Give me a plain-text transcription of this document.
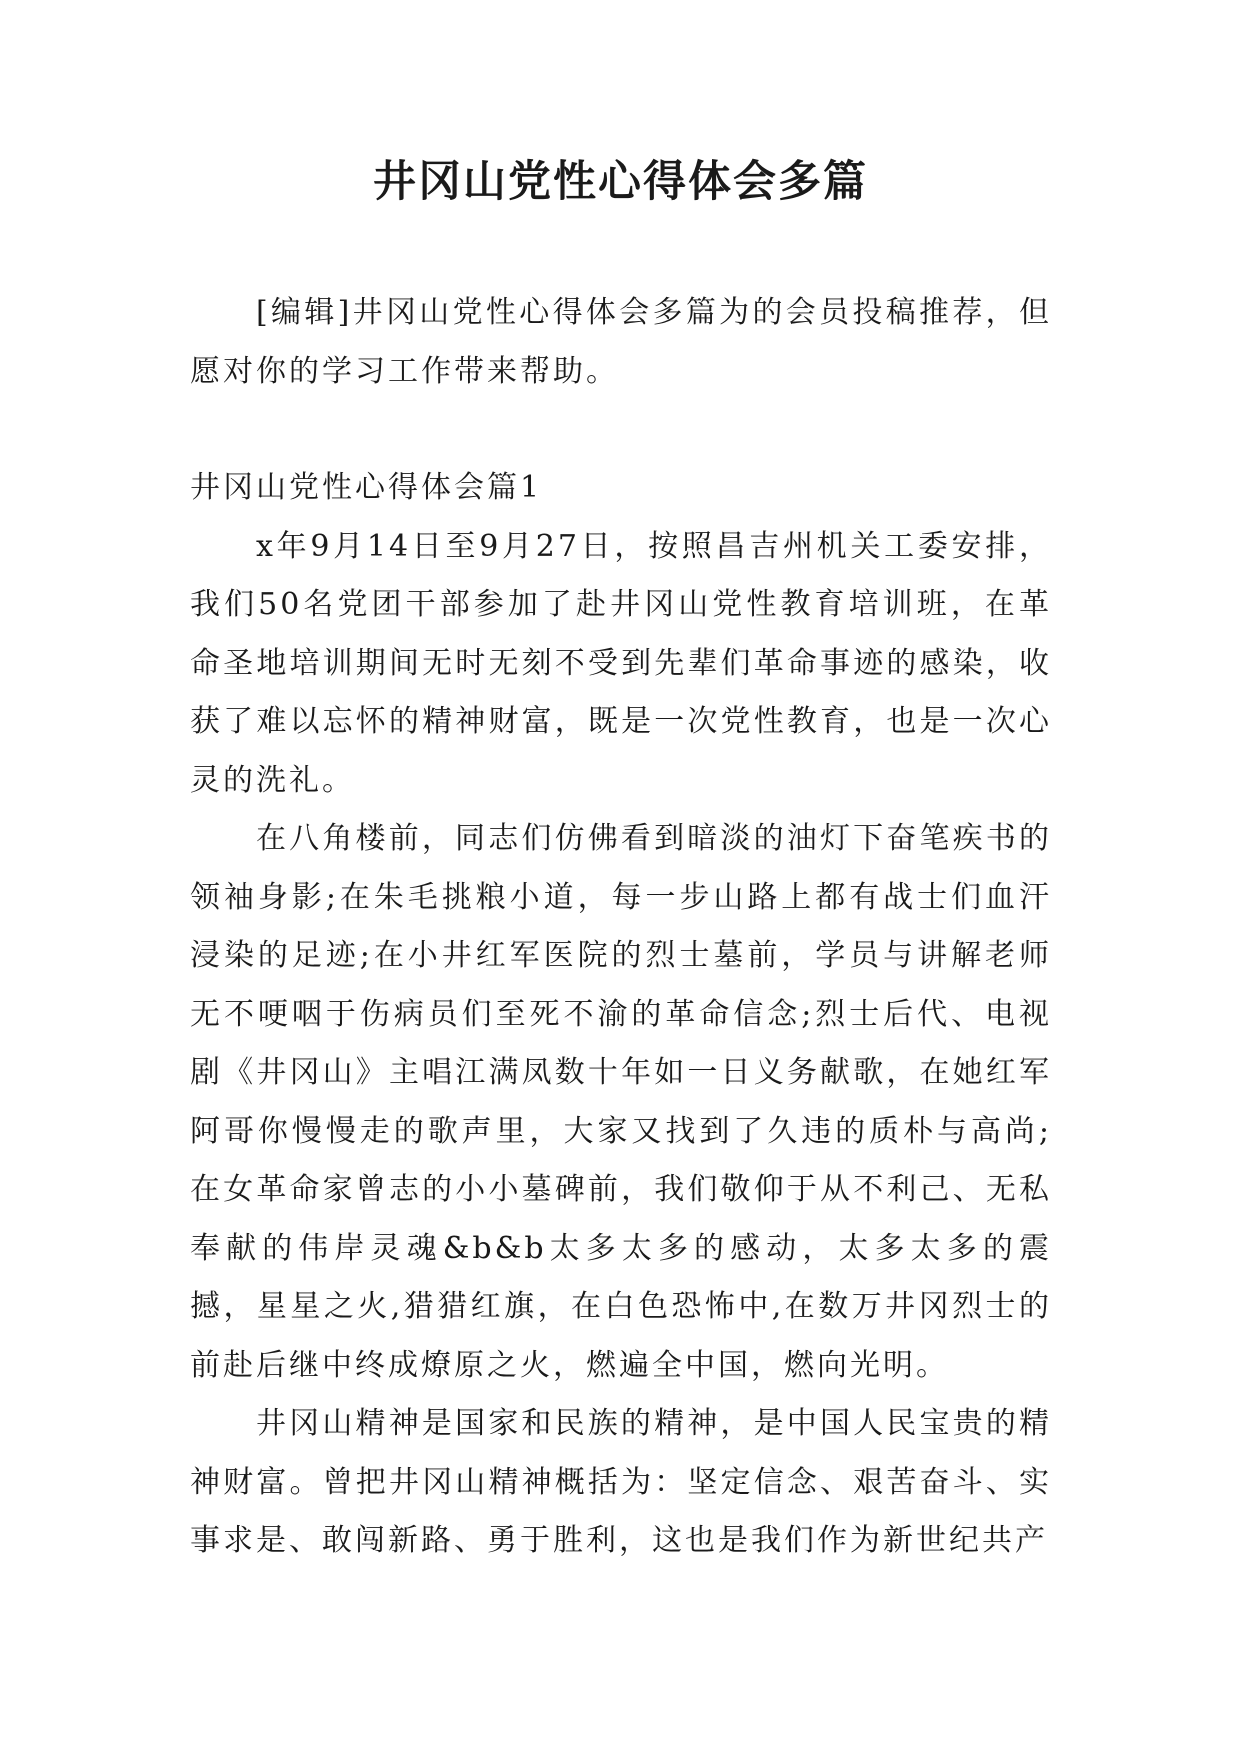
井冈山党性心得体会多篇

[编辑]井冈山党性心得体会多篇为的会员投稿推荐，但愿对你的学习工作带来帮助。

井冈山党性心得体会篇1

x年9月14日至9月27日，按照昌吉州机关工委安排，我们50名党团干部参加了赴井冈山党性教育培训班，在革命圣地培训期间无时无刻不受到先辈们革命事迹的感染，收获了难以忘怀的精神财富，既是一次党性教育，也是一次心灵的洗礼。

在八角楼前，同志们仿佛看到暗淡的油灯下奋笔疾书的领袖身影;在朱毛挑粮小道，每一步山路上都有战士们血汗浸染的足迹;在小井红军医院的烈士墓前，学员与讲解老师无不哽咽于伤病员们至死不渝的革命信念;烈士后代、电视剧《井冈山》主唱江满凤数十年如一日义务献歌，在她红军阿哥你慢慢走的歌声里，大家又找到了久违的质朴与高尚;在女革命家曾志的小小墓碑前，我们敬仰于从不利己、无私奉献的伟岸灵魂&b&b太多太多的感动，太多太多的震撼，星星之火,猎猎红旗，在白色恐怖中,在数万井冈烈士的前赴后继中终成燎原之火，燃遍全中国，燃向光明。

井冈山精神是国家和民族的精神，是中国人民宝贵的精神财富。曾把井冈山精神概括为：坚定信念、艰苦奋斗、实事求是、敢闯新路、勇于胜利，这也是我们作为新世纪共产
